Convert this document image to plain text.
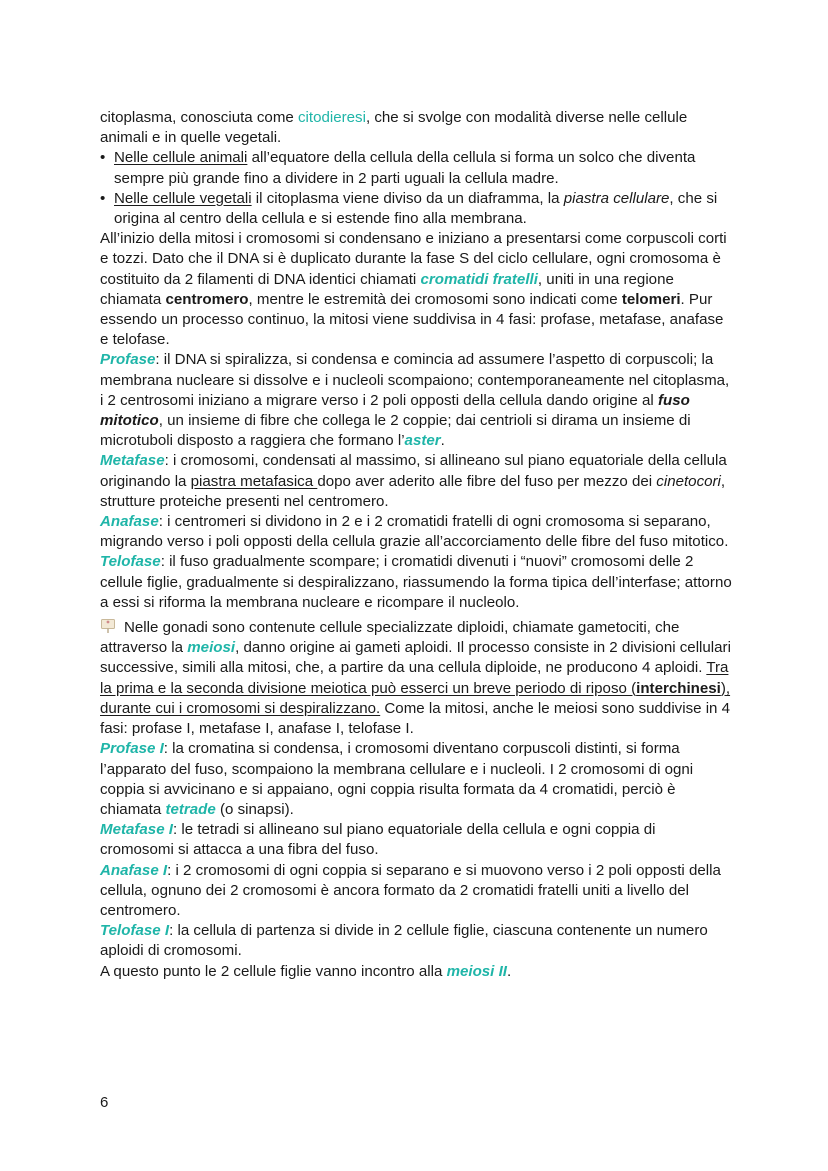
citoplasma, conosciuta come citodieresi, che si svolge con modalità diverse nelle cellule animali e in quelle vegetali.

• Nelle cellule animali all’equatore della cellula della cellula si forma un solco che diventa sempre più grande fino a dividere in 2 parti uguali la cellula madre.
• Nelle cellule vegetali il citoplasma viene diviso da un diaframma, la piastra cellulare, che si origina al centro della cellula e si estende fino alla membrana.

All’inizio della mitosi i cromosomi si condensano e iniziano a presentarsi come corpuscoli corti e tozzi. Dato che il DNA si è duplicato durante la fase S del ciclo cellulare, ogni cromosoma è costituito da 2 filamenti di DNA identici chiamati cromatidi fratelli, uniti in una regione chiamata centromero, mentre le estremità dei cromosomi sono indicati come telomeri. Pur essendo un processo continuo, la mitosi viene suddivisa in 4 fasi: profase, metafase, anafase e telofase.

Profase: il DNA si spiralizza, si condensa e comincia ad assumere l’aspetto di corpuscoli; la membrana nucleare si dissolve e i nucleoli scompaiono; contemporaneamente nel citoplasma, i 2 centrosomi iniziano a migrare verso i 2 poli opposti della cellula dando origine al fuso mitotico, un insieme di fibre che collega le 2 coppie; dai centrioli si dirama un insieme di microtuboli disposto a raggiera che formano l’aster.

Metafase: i cromosomi, condensati al massimo, si allineano sul piano equatoriale della cellula originando la piastra metafasica dopo aver aderito alle fibre del fuso per mezzo dei cinetocori, strutture proteiche presenti nel centromero.

Anafase: i centromeri si dividono in 2 e i 2 cromatidi fratelli di ogni cromosoma si separano, migrando verso i poli opposti della cellula grazie all’accorciamento delle fibre del fuso mitotico.

Telofase: il fuso gradualmente scompare; i cromatidi divenuti i “nuovi” cromosomi delle 2 cellule figlie, gradualmente si despiralizzano, riassumendo la forma tipica dell’interfase; attorno a essi si riforma la membrana nucleare e ricompare il nucleolo.

Nelle gonadi sono contenute cellule specializzate diploidi, chiamate gametociti, che attraverso la meiosi, danno origine ai gameti aploidi. Il processo consiste in 2 divisioni cellulari successive, simili alla mitosi, che, a partire da una cellula diploide, ne producono 4 aploidi. Tra la prima e la seconda divisione meiotica può esserci un breve periodo di riposo (interchinesi), durante cui i cromosomi si despiralizzano. Come la mitosi, anche le meiosi sono suddivise in 4 fasi: profase I, metafase I, anafase I, telofase I.

Profase I: la cromatina si condensa, i cromosomi diventano corpuscoli distinti, si forma l’apparato del fuso, scompaiono la membrana cellulare e i nucleoli. I 2 cromosomi di ogni coppia si avvicinano e si appaiano, ogni coppia risulta formata da 4 cromatidi, perciò è chiamata tetrade (o sinapsi).

Metafase I: le tetradi si allineano sul piano equatoriale della cellula e ogni coppia di cromosomi si attacca a una fibra del fuso.

Anafase I: i 2 cromosomi di ogni coppia si separano e si muovono verso i 2 poli opposti della cellula, ognuno dei 2 cromosomi è ancora formato da 2 cromatidi fratelli uniti a livello del centromero.

Telofase I: la cellula di partenza si divide in 2 cellule figlie, ciascuna contenente un numero aploidi di cromosomi.

A questo punto le 2 cellule figlie vanno incontro alla meiosi II.

6
